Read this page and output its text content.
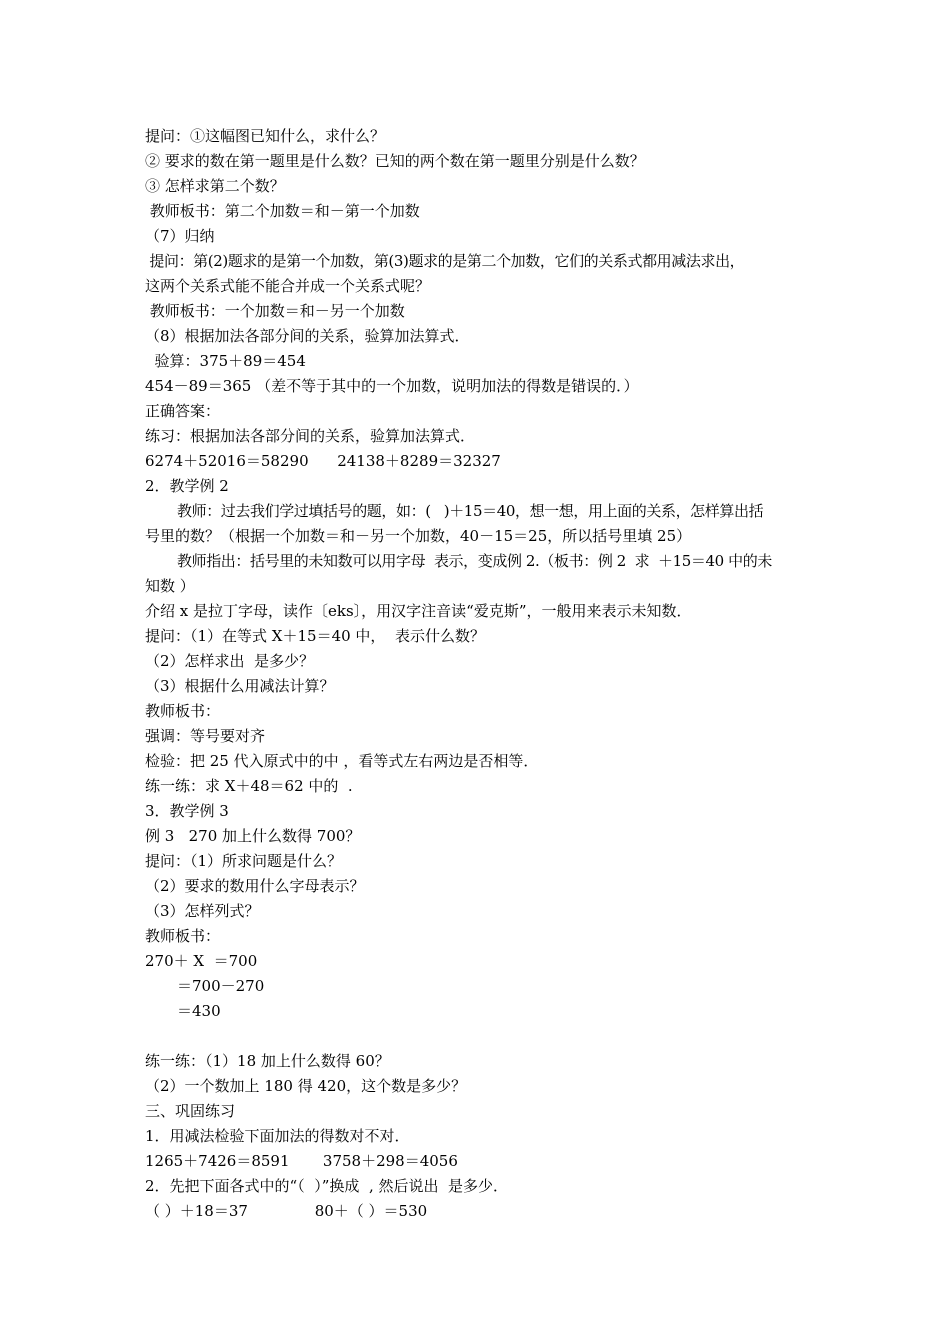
提问：①这幅图已知什么，求什么？
② 要求的数在第一题里是什么数？已知的两个数在第一题里分别是什么数？
③ 怎样求第二个数？
教师板书：第二个加数＝和－第一个加数
（7）归纳
提问：第(2)题求的是第一个加数，第(3)题求的是第二个加数，它们的关系式都用减法求出，
这两个关系式能不能合并成一个关系式呢？
教师板书：一个加数＝和－另一个加数
（8）根据加法各部分间的关系，验算加法算式．
验算：375＋89＝454
454－89＝365 （差不等于其中的一个加数，说明加法的得数是错误的．）
正确答案：
练习：根据加法各部分间的关系，验算加法算式．
6274＋52016＝58290      24138＋8289＝32327
2．教学例 2
教师：过去我们学过填括号的题，如：(   )＋15＝40，想一想，用上面的关系，怎样算出括
号里的数？（根据一个加数＝和－另一个加数，40－15＝25，所以括号里填 25）
教师指出：括号里的未知数可以用字母  表示，变成例 2.（板书：例 2  求  ＋15＝40 中的未
知数 ）
介绍 x 是拉丁字母，读作〔eks〕，用汉字注音读“爱克斯”，一般用来表示未知数．
提问：（1）在等式 X＋15＝40 中，  表示什么数？
（2）怎样求出  是多少？
（3）根据什么用减法计算？
教师板书：
强调：等号要对齐
检验：把 25 代入原式中的中 ，看等式左右两边是否相等．
练一练：求 X＋48＝62 中的  .
3．教学例 3
例 3   270 加上什么数得 700？
提问：（1）所求问题是什么？
（2）要求的数用什么字母表示？
（3）怎样列式？
教师板书：
270＋ X  ＝700
＝700－270
＝430
练一练：（1）18 加上什么数得 60？
（2）一个数加上 180 得 420，这个数是多少？
三、巩固练习
1．用减法检验下面加法的得数对不对．
1265＋7426＝8591       3758＋298＝4056
2．先把下面各式中的“（  ）”换成  , 然后说出  是多少．
（ ）＋18＝37              80＋（ ）＝530
